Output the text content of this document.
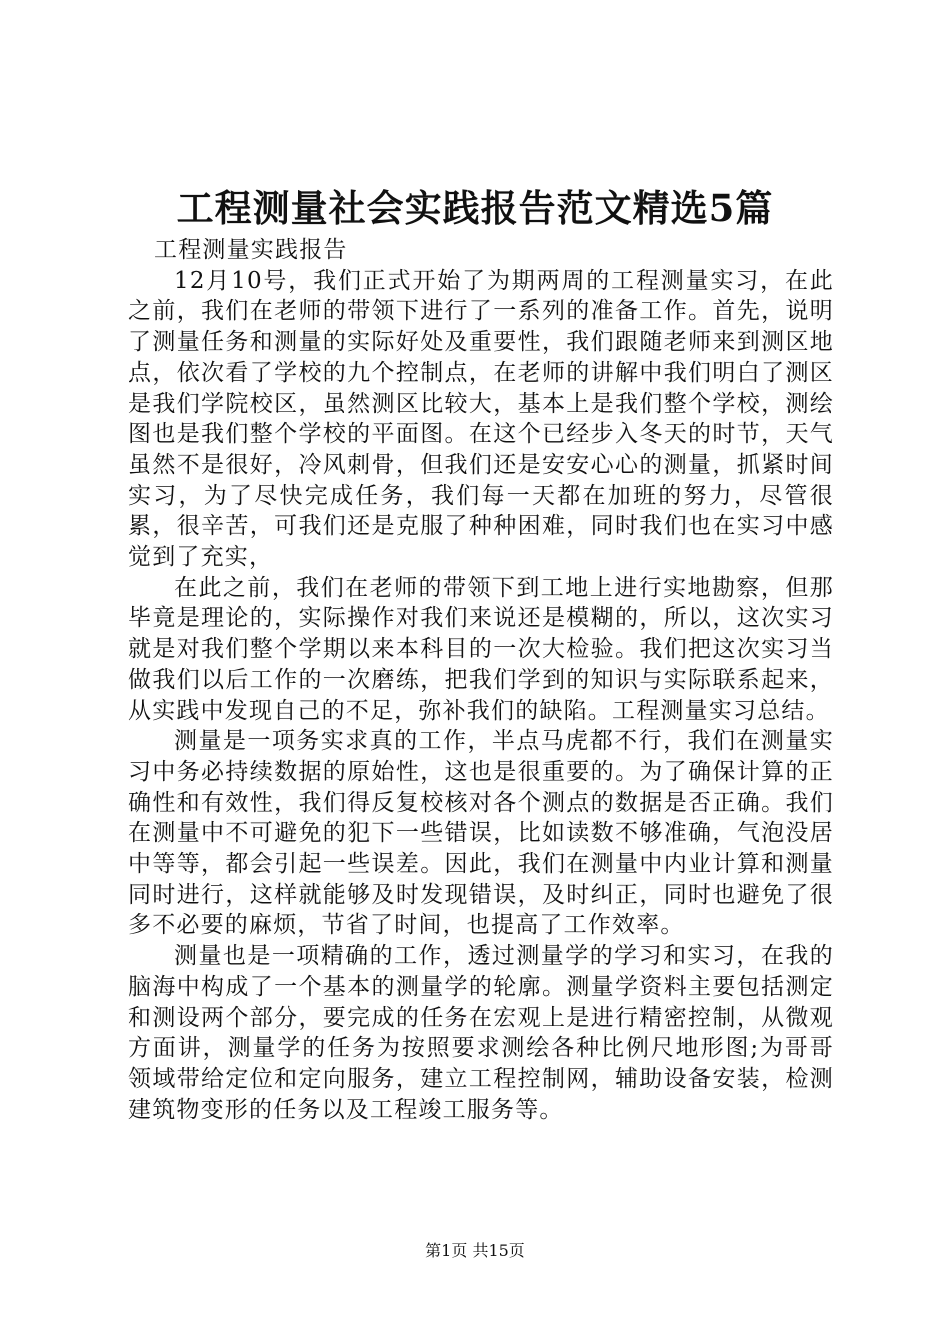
工程测量社会实践报告范文精选5篇

工程测量实践报告

12月10号，我们正式开始了为期两周的工程测量实习，在此之前，我们在老师的带领下进行了一系列的准备工作。首先，说明了测量任务和测量的实际好处及重要性，我们跟随老师来到测区地点，依次看了学校的九个控制点，在老师的讲解中我们明白了测区是我们学院校区，虽然测区比较大，基本上是我们整个学校，测绘图也是我们整个学校的平面图。在这个已经步入冬天的时节，天气虽然不是很好，冷风刺骨，但我们还是安安心心的测量，抓紧时间实习，为了尽快完成任务，我们每一天都在加班的努力，尽管很累，很辛苦，可我们还是克服了种种困难，同时我们也在实习中感觉到了充实，

在此之前，我们在老师的带领下到工地上进行实地勘察，但那毕竟是理论的，实际操作对我们来说还是模糊的，所以，这次实习就是对我们整个学期以来本科目的一次大检验。我们把这次实习当做我们以后工作的一次磨练，把我们学到的知识与实际联系起来，从实践中发现自己的不足，弥补我们的缺陷。工程测量实习总结。

测量是一项务实求真的工作，半点马虎都不行，我们在测量实习中务必持续数据的原始性，这也是很重要的。为了确保计算的正确性和有效性，我们得反复校核对各个测点的数据是否正确。我们在测量中不可避免的犯下一些错误，比如读数不够准确，气泡没居中等等，都会引起一些误差。因此，我们在测量中内业计算和测量同时进行，这样就能够及时发现错误，及时纠正，同时也避免了很多不必要的麻烦，节省了时间，也提高了工作效率。

测量也是一项精确的工作，透过测量学的学习和实习，在我的脑海中构成了一个基本的测量学的轮廓。测量学资料主要包括测定和测设两个部分，要完成的任务在宏观上是进行精密控制，从微观方面讲，测量学的任务为按照要求测绘各种比例尺地形图;为哥哥领域带给定位和定向服务，建立工程控制网，辅助设备安装，检测建筑物变形的任务以及工程竣工服务等。

第1页 共15页
